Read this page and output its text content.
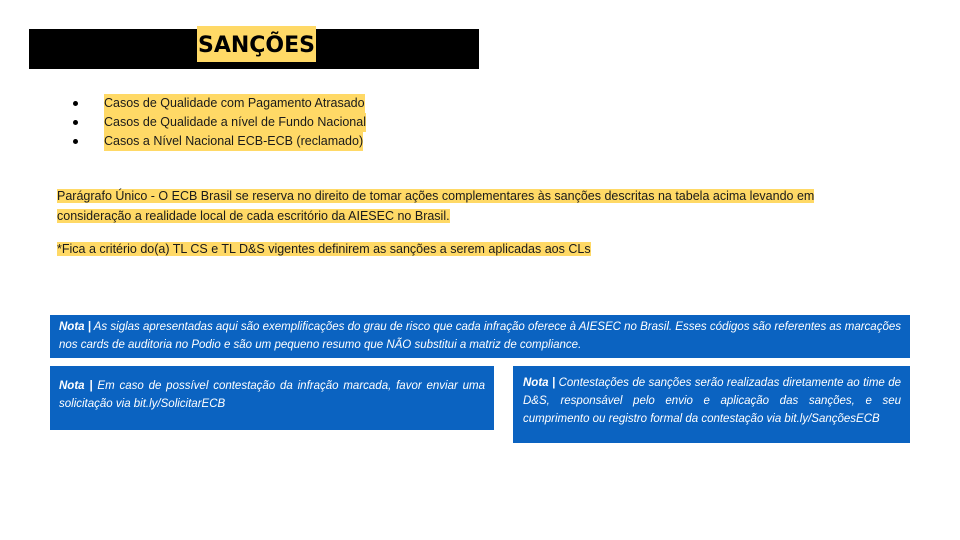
SANÇÕES
Casos de Qualidade com Pagamento Atrasado
Casos de Qualidade a nível de Fundo Nacional
Casos a Nível Nacional ECB-ECB (reclamado)
Parágrafo Único - O ECB Brasil se reserva no direito de tomar ações complementares às sanções descritas na tabela acima levando em consideração a realidade local de cada escritório da AIESEC no Brasil.
*Fica a critério do(a) TL CS e TL D&S vigentes definirem as sanções a serem aplicadas aos CLs
Nota | As siglas apresentadas aqui são exemplificações do grau de risco que cada infração oferece à AIESEC no Brasil. Esses códigos são referentes as marcações nos cards de auditoria no Podio e são um pequeno resumo que NÃO substitui a matriz de compliance.
Nota | Em caso de possível contestação da infração marcada, favor enviar uma solicitação via bit.ly/SolicitarECB
Nota | Contestações de sanções serão realizadas diretamente ao time de D&S, responsável pelo envio e aplicação das sanções, e seu cumprimento ou registro formal da contestação via bit.ly/SançõesECB
